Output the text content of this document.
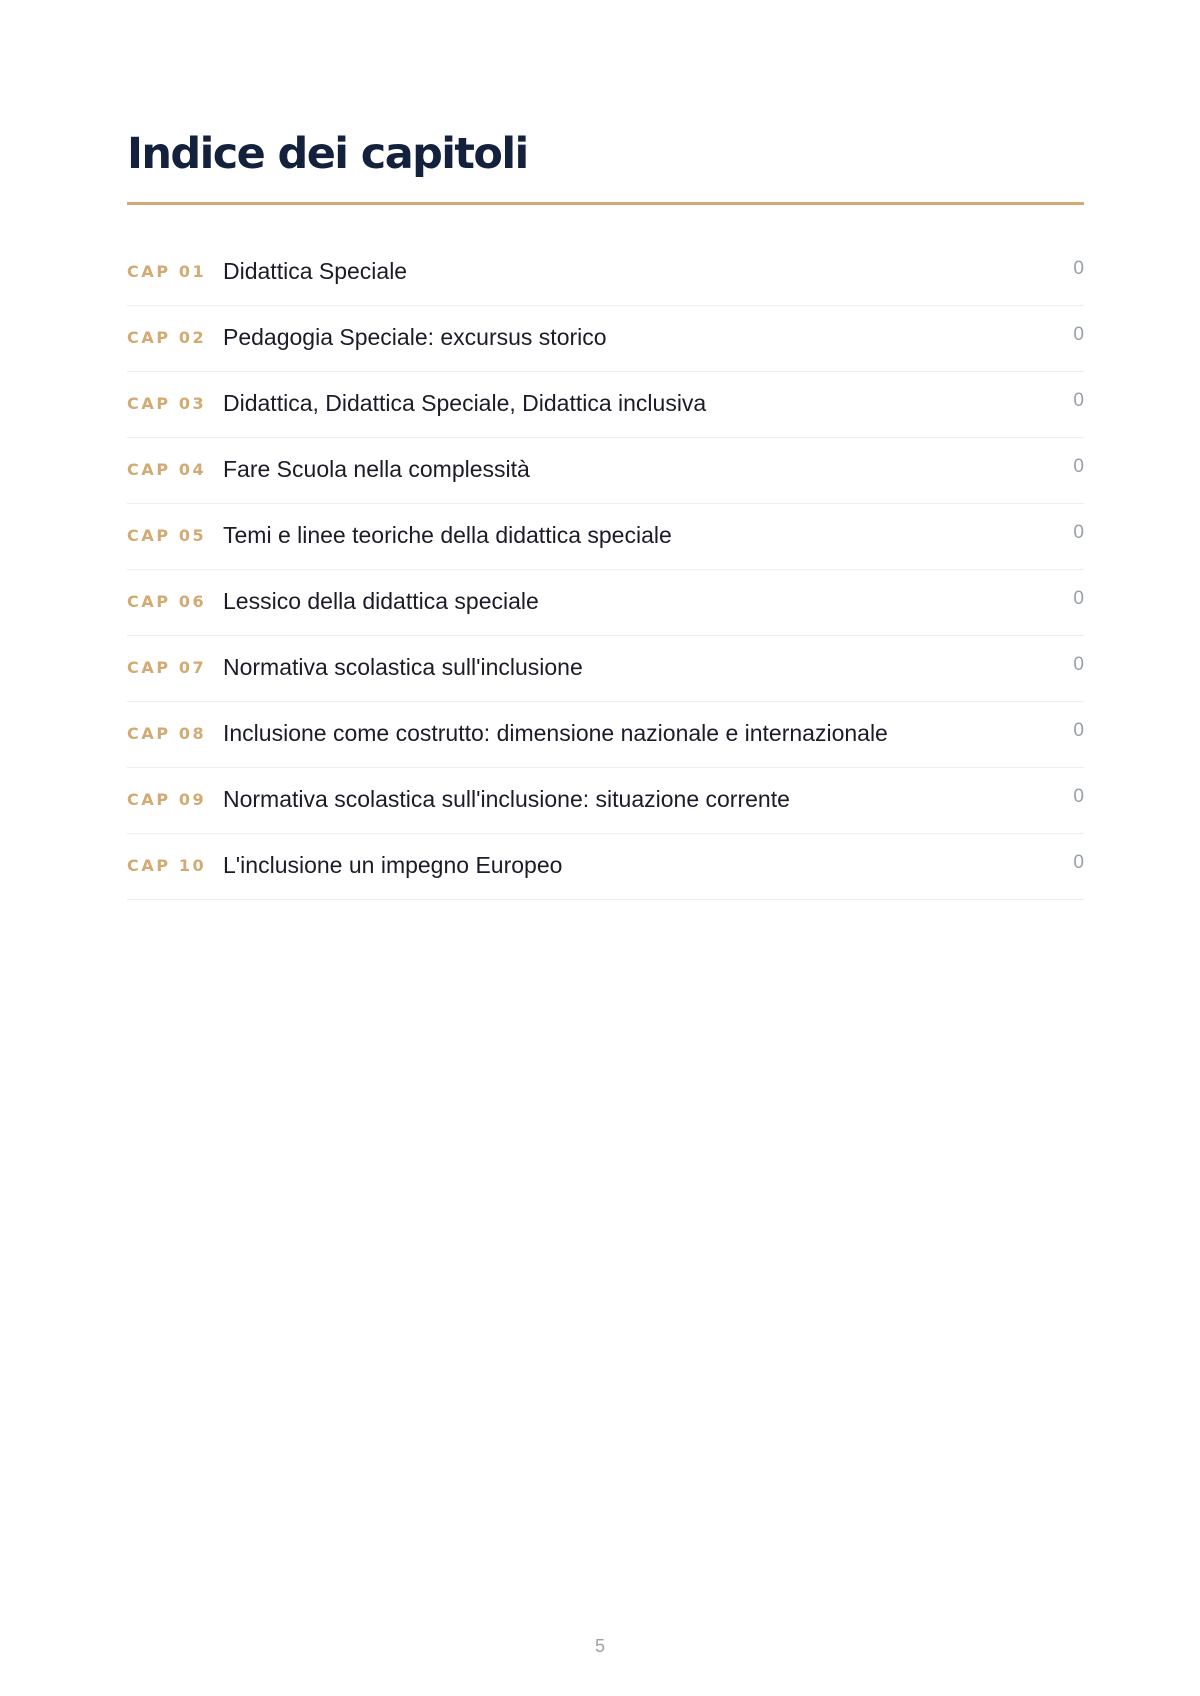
Indice dei capitoli
CAP 01 Didattica Speciale	0
CAP 02 Pedagogia Speciale: excursus storico	0
CAP 03 Didattica, Didattica Speciale, Didattica inclusiva	0
CAP 04 Fare Scuola nella complessità	0
CAP 05 Temi e linee teoriche della didattica speciale	0
CAP 06 Lessico della didattica speciale	0
CAP 07 Normativa scolastica sull'inclusione	0
CAP 08 Inclusione come costrutto: dimensione nazionale e internazionale	0
CAP 09 Normativa scolastica sull'inclusione: situazione corrente	0
CAP 10 L'inclusione un impegno Europeo	0
5
